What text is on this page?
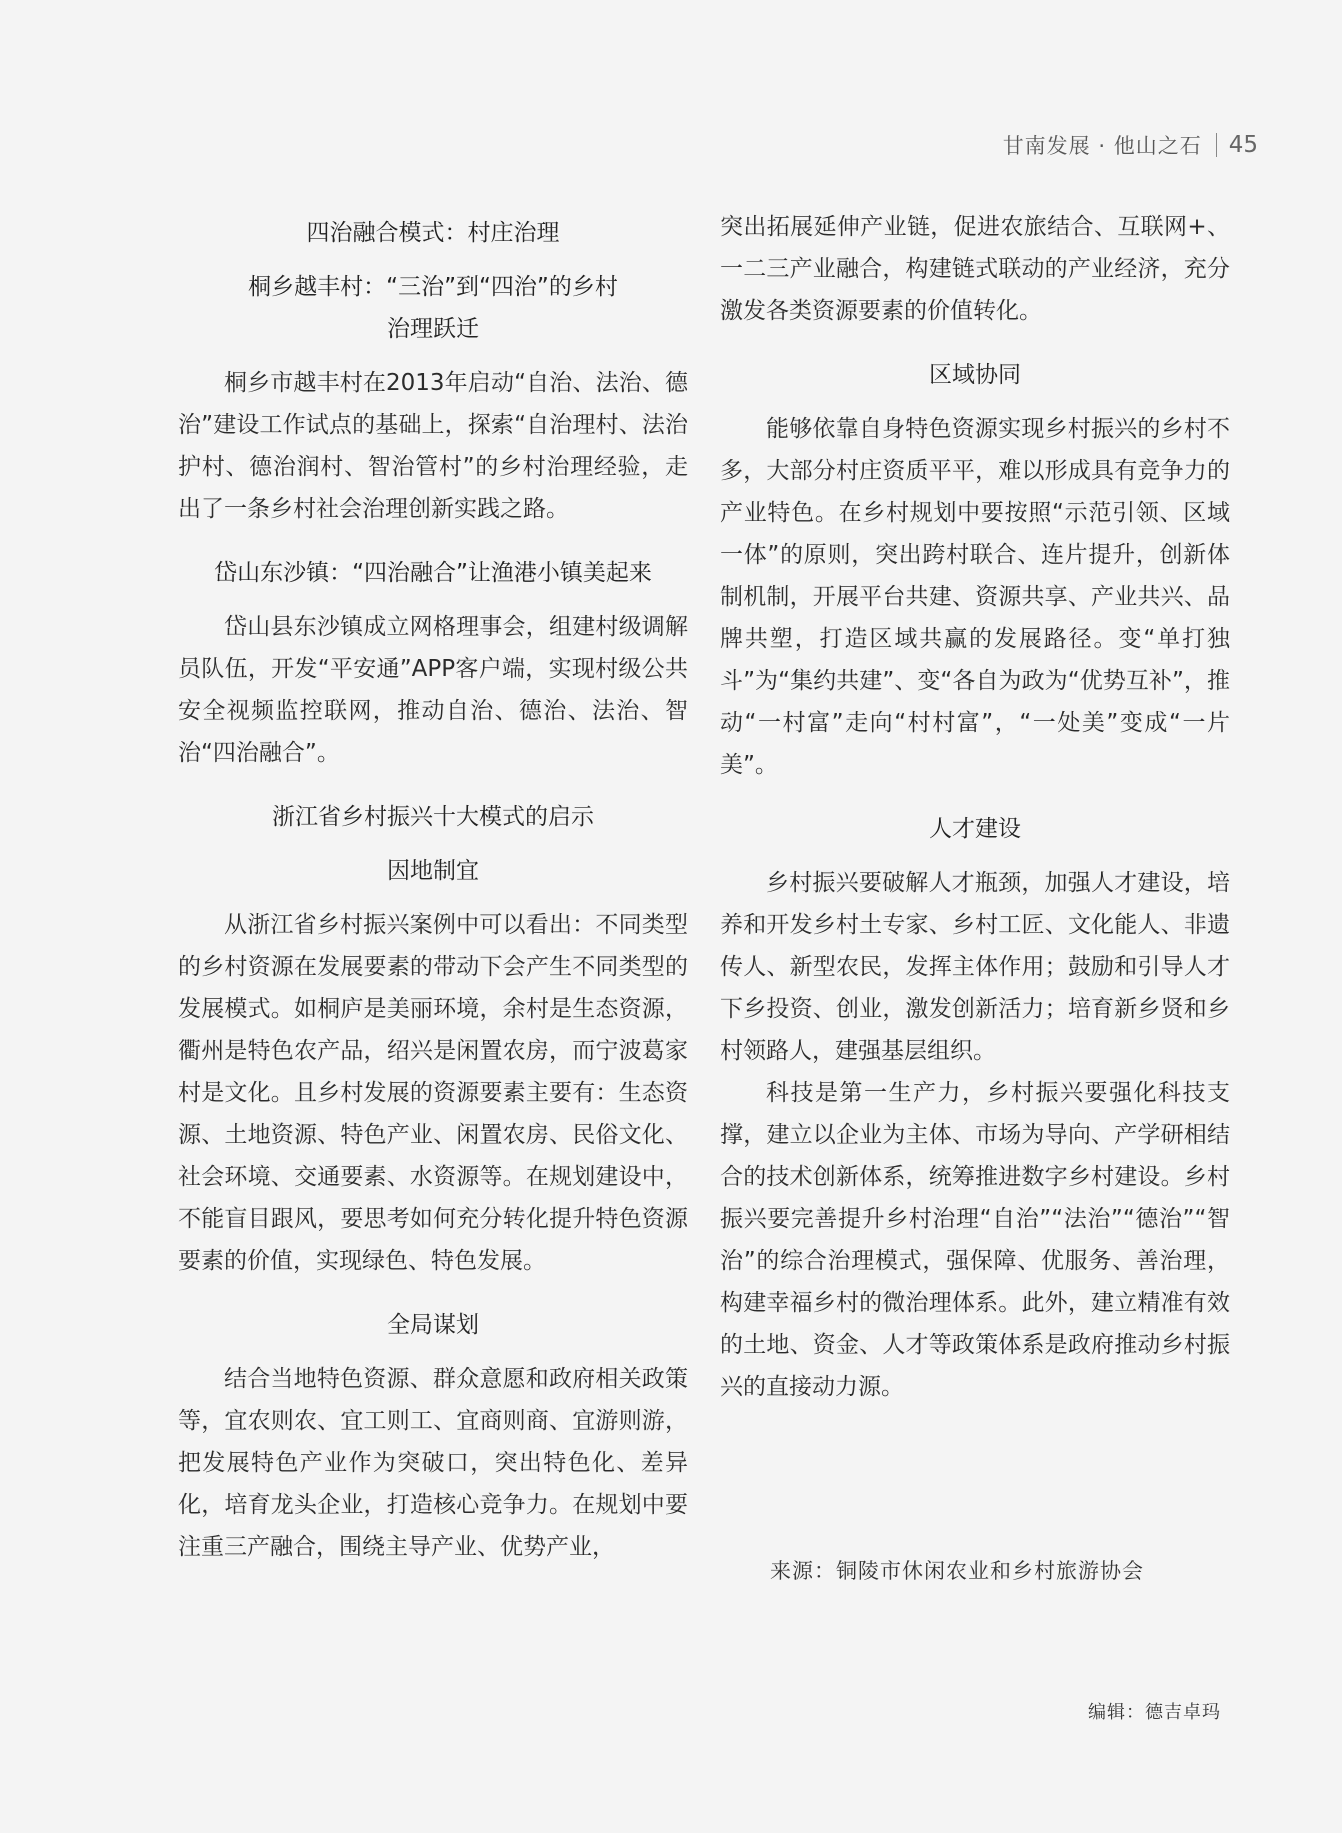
甘南发展 · 他山之石 45

四治融合模式：村庄治理

桐乡越丰村：“三治”到“四治”的乡村

治理跃迁

桐乡市越丰村在2013年启动“自治、法治、德治”建设工作试点的基础上，探索“自治理村、法治护村、德治润村、智治管村”的乡村治理经验，走出了一条乡村社会治理创新实践之路。

岱山东沙镇：“四治融合”让渔港小镇美起来

岱山县东沙镇成立网格理事会，组建村级调解员队伍，开发“平安通”APP客户端，实现村级公共安全视频监控联网，推动自治、德治、法治、智治“四治融合”。

浙江省乡村振兴十大模式的启示

因地制宜

从浙江省乡村振兴案例中可以看出：不同类型的乡村资源在发展要素的带动下会产生不同类型的发展模式。如桐庐是美丽环境，余村是生态资源，衢州是特色农产品，绍兴是闲置农房，而宁波葛家村是文化。且乡村发展的资源要素主要有：生态资源、土地资源、特色产业、闲置农房、民俗文化、社会环境、交通要素、水资源等。在规划建设中，不能盲目跟风，要思考如何充分转化提升特色资源要素的价值，实现绿色、特色发展。

全局谋划

结合当地特色资源、群众意愿和政府相关政策等，宜农则农、宜工则工、宜商则商、宜游则游，把发展特色产业作为突破口，突出特色化、差异化，培育龙头企业，打造核心竞争力。在规划中要注重三产融合，围绕主导产业、优势产业，

突出拓展延伸产业链，促进农旅结合、互联网+、一二三产业融合，构建链式联动的产业经济，充分激发各类资源要素的价值转化。

区域协同

能够依靠自身特色资源实现乡村振兴的乡村不多，大部分村庄资质平平，难以形成具有竞争力的产业特色。在乡村规划中要按照“示范引领、区域一体”的原则，突出跨村联合、连片提升，创新体制机制，开展平台共建、资源共享、产业共兴、品牌共塑，打造区域共赢的发展路径。变“单打独斗”为“集约共建”、变“各自为政为“优势互补”，推动“一村富”走向“村村富”，“一处美”变成“一片美”。

人才建设

乡村振兴要破解人才瓶颈，加强人才建设，培养和开发乡村土专家、乡村工匠、文化能人、非遗传人、新型农民，发挥主体作用；鼓励和引导人才下乡投资、创业，激发创新活力；培育新乡贤和乡村领路人，建强基层组织。

科技是第一生产力，乡村振兴要强化科技支撑，建立以企业为主体、市场为导向、产学研相结合的技术创新体系，统筹推进数字乡村建设。乡村振兴要完善提升乡村治理“自治”“法治”“德治”“智治”的综合治理模式，强保障、优服务、善治理，构建幸福乡村的微治理体系。此外，建立精准有效的土地、资金、人才等政策体系是政府推动乡村振兴的直接动力源。

来源：铜陵市休闲农业和乡村旅游协会
编辑：德吉卓玛
